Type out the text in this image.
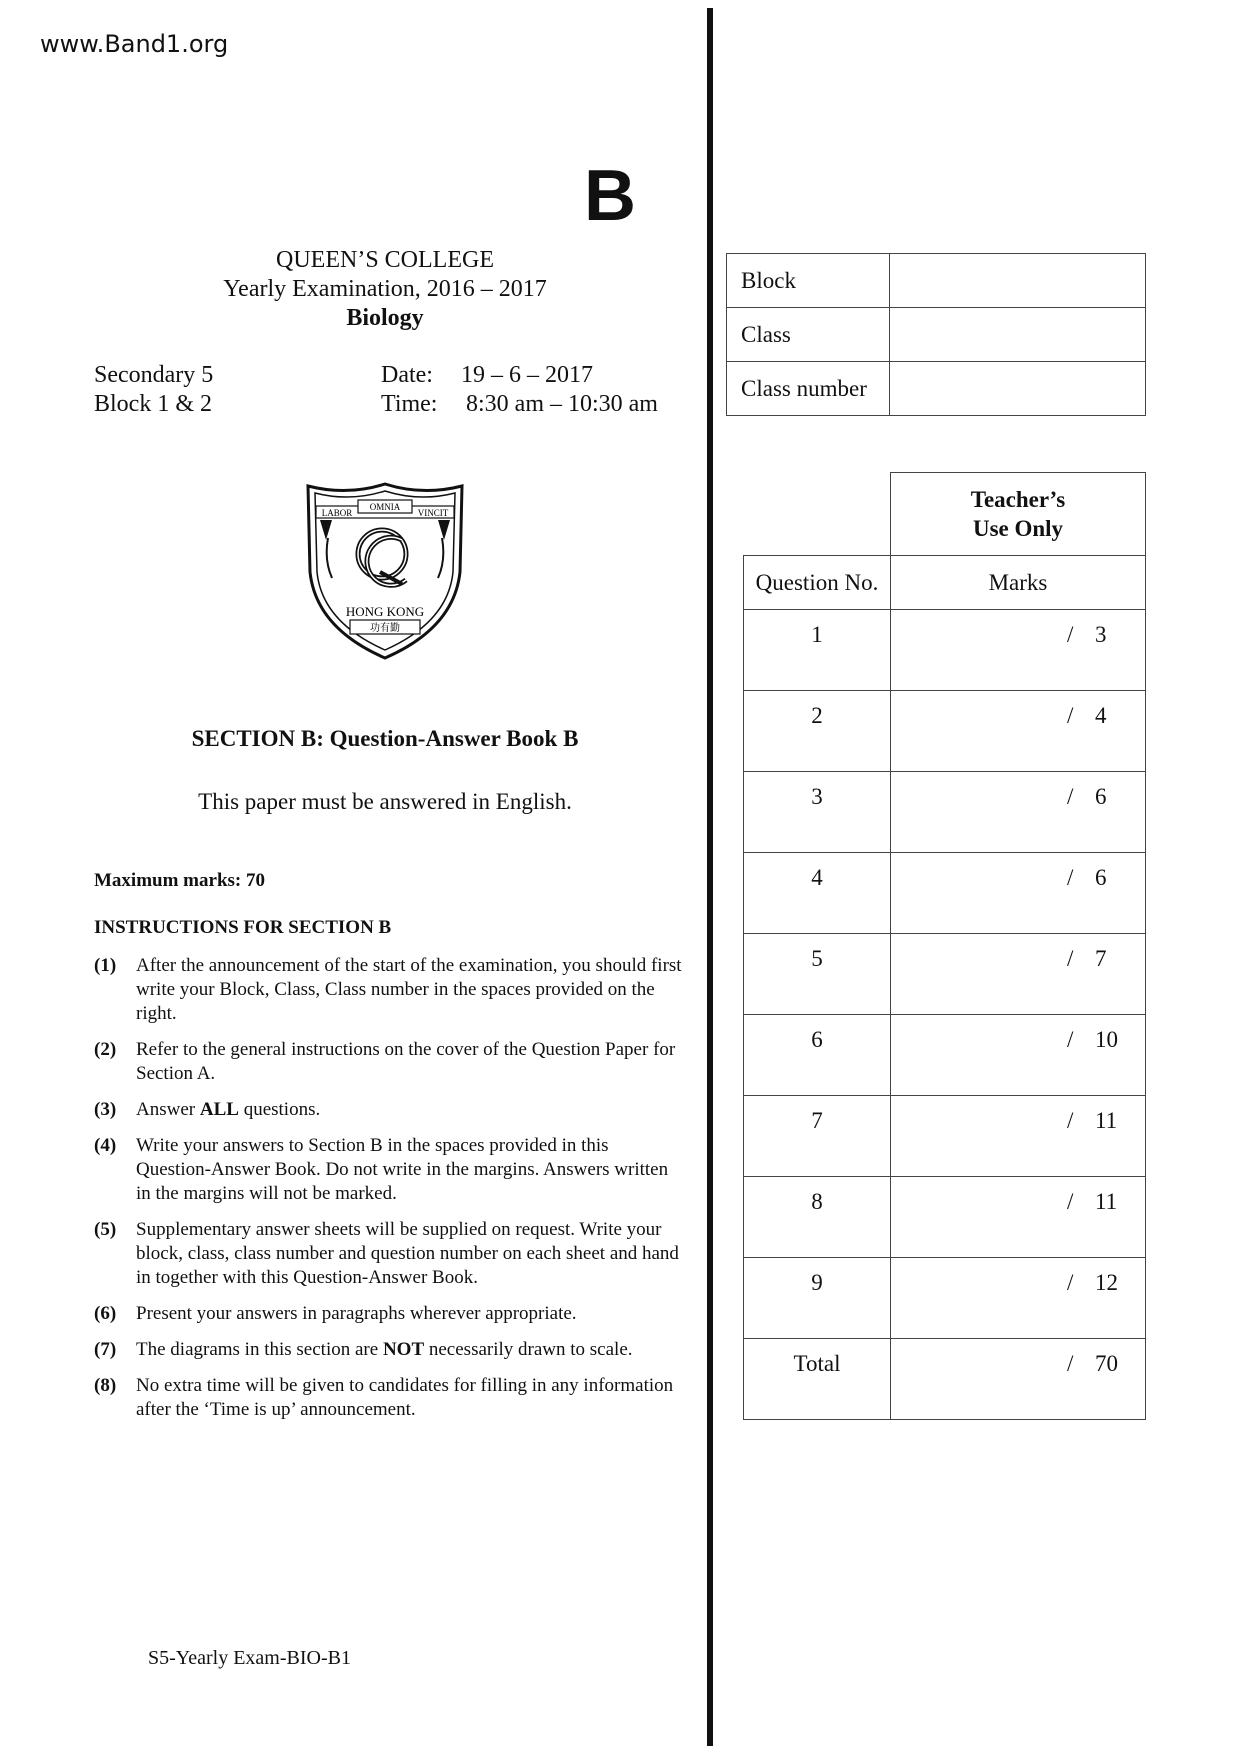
www.Band1.org
B
QUEEN’S COLLEGE
Yearly Examination, 2016 – 2017
Biology
Secondary 5
Block 1 & 2
Date:	19 – 6 – 2017
Time:	8:30 am – 10:30 am
LABOR
OMNIA
VINCIT
HONG KONG
功有勤
SECTION B: Question-Answer Book B
This paper must be answered in English.
Maximum marks: 70
INSTRUCTIONS FOR SECTION B
(1)	After the announcement of the start of the examination, you should first write your Block, Class, Class number in the spaces provided on the right.
(2)	Refer to the general instructions on the cover of the Question Paper for Section A.
(3)	Answer ALL questions.
(4)	Write your answers to Section B in the spaces provided in this Question-Answer Book. Do not write in the margins. Answers written in the margins will not be marked.
(5)	Supplementary answer sheets will be supplied on request. Write your block, class, class number and question number on each sheet and hand in together with this Question-Answer Book.
(6)	Present your answers in paragraphs wherever appropriate.
(7)	The diagrams in this section are NOT necessarily drawn to scale.
(8)	No extra time will be given to candidates for filling in any information after the ‘Time is up’ announcement.
Block	
Class	
Class number	

	Teacher’s
Use Only

Question No.	Marks
1	/ 3
2	/ 4
3	/ 6
4	/ 6
5	/ 7
6	/ 10
7	/ 11
8	/ 11
9	/ 12
Total	/ 70
S5-Yearly Exam-BIO-B1
